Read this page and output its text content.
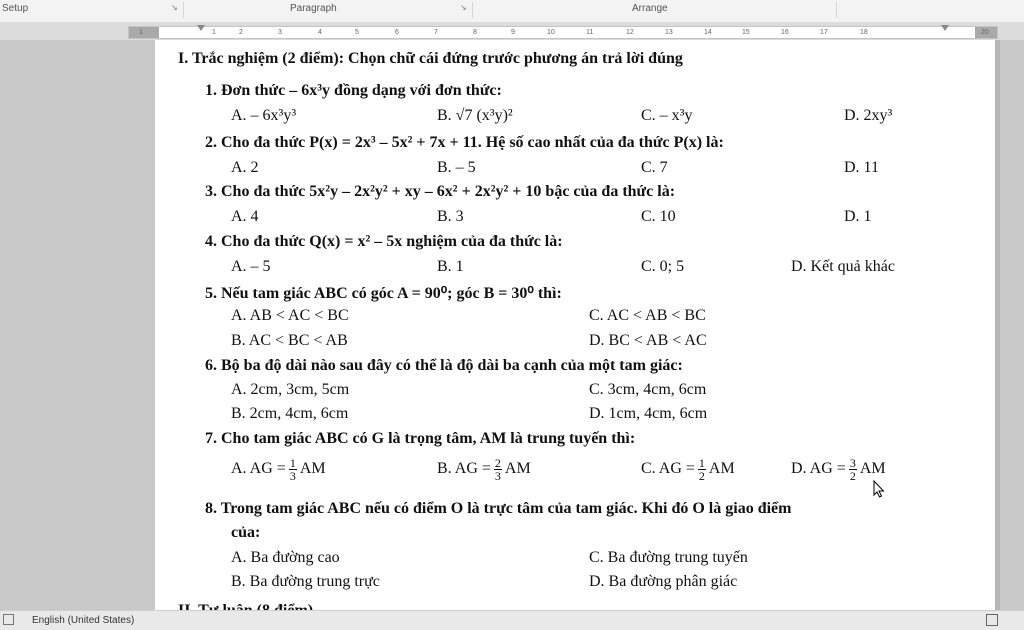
Setup	↘	Paragraph	↘	Arrange
1	1	2	3	4	5	6	7	8	9	10	11	12	13	14	15	16	17	18	20
I. Trắc nghiệm (2 điểm): Chọn chữ cái đứng trước phương án trả lời đúng
1. Đơn thức – 6x³y đồng dạng với đơn thức:
A. – 6x³y³	B. √7 (x³y)²	C. – x³y	D. 2xy³
2. Cho đa thức P(x) = 2x³ – 5x² + 7x + 11. Hệ số cao nhất của đa thức P(x) là:
A. 2	B. – 5	C. 7	D. 11
3. Cho đa thức 5x²y – 2x²y² + xy – 6x² + 2x²y² + 10 bậc của đa thức là:
A. 4	B. 3	C. 10	D. 1
4. Cho đa thức Q(x) = x² – 5x nghiệm của đa thức là:
A. – 5	B. 1	C. 0; 5	D. Kết quả khác
5. Nếu tam giác ABC có góc A = 90⁰; góc B = 30⁰ thì:
A. AB < AC < BC	C. AC < AB < BC
B. AC < BC < AB	D. BC < AB < AC
6. Bộ ba độ dài nào sau đây có thể là độ dài ba cạnh của một tam giác:
A. 2cm, 3cm, 5cm	C. 3cm, 4cm, 6cm
B. 2cm, 4cm, 6cm	D. 1cm, 4cm, 6cm
7. Cho tam giác ABC có G là trọng tâm, AM là trung tuyến thì:
A. AG = $\frac{1}{3}$ AM	B. AG = $\frac{2}{3}$ AM	C. AG = $\frac{1}{2}$ AM	D. AG = $\frac{3}{2}$ AM
8. Trong tam giác ABC nếu có điểm O là trực tâm của tam giác. Khi đó O là giao điểm
của:
A. Ba đường cao	C. Ba đường trung tuyến
B. Ba đường trung trực	D. Ba đường phân giác
English (United States)
